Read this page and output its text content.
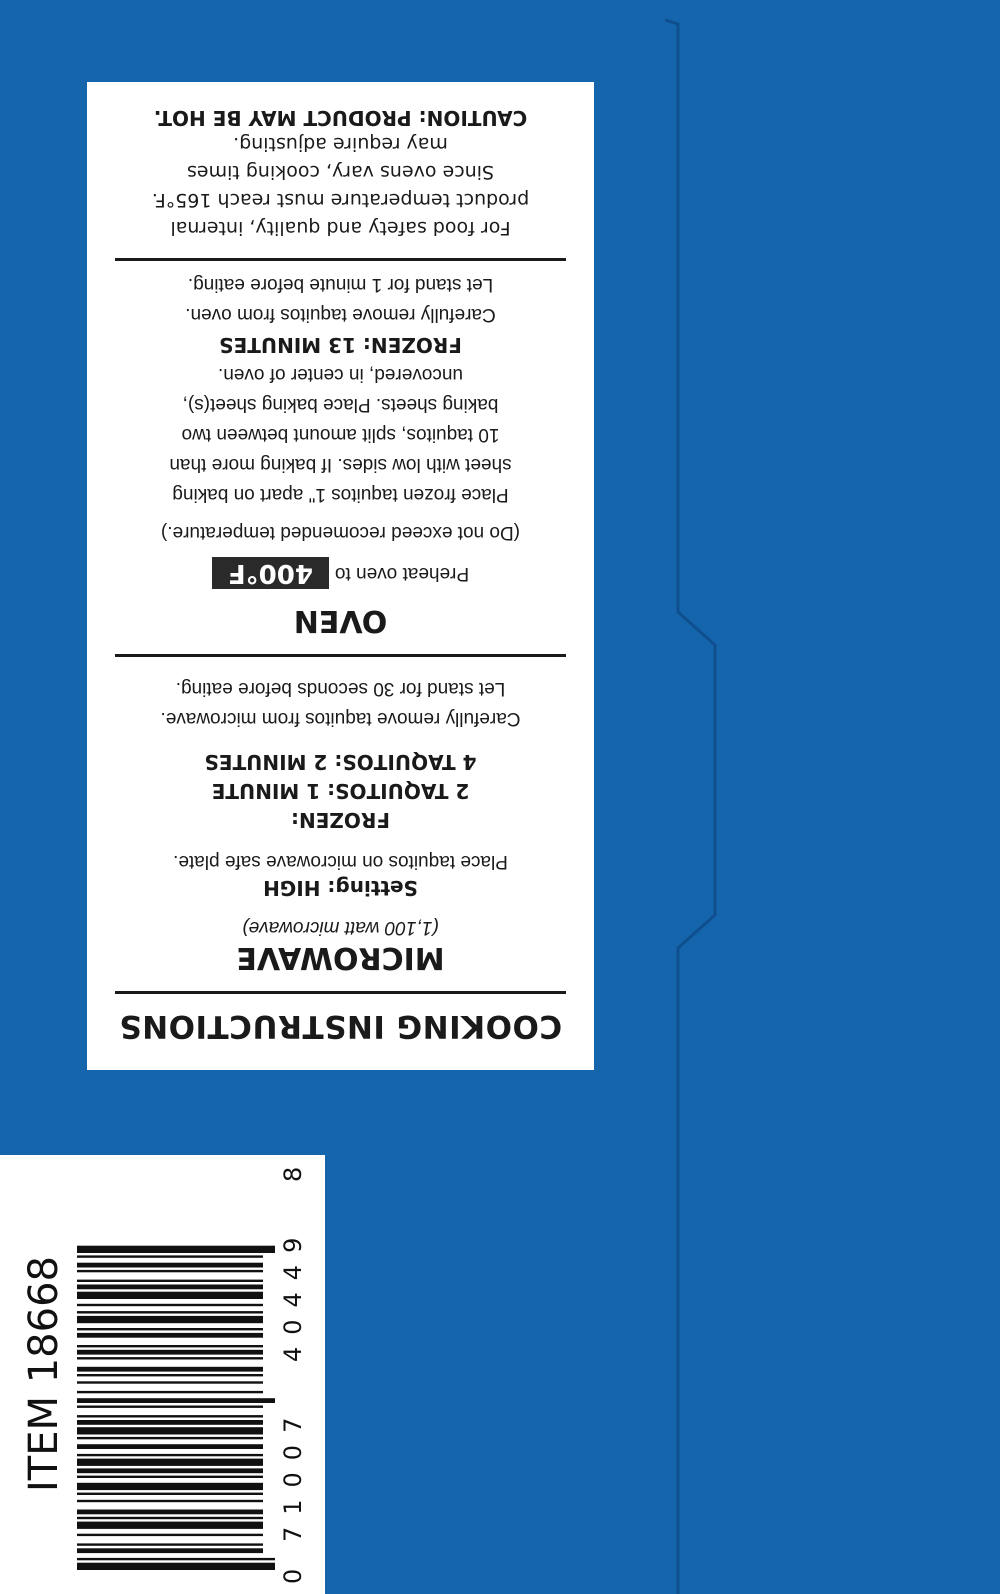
COOKING INSTRUCTIONS
MICROWAVE
(1,100 watt microwave)
Setting: HIGH
Place taquitos on microwave safe plate.
FROZEN:
2 TAQUITOS: 1 MINUTE
4 TAQUITOS: 2 MINUTES
Carefully remove taquitos from microwave.
Let stand for 30 seconds before eating.
OVEN
Preheat oven to
400°F
(Do not exceed recomended temperature.)
Place frozen taquitos 1" apart on baking
sheet with low sides. If baking more than
10 taquitos, split amount between two
baking sheets. Place baking sheet(s),
uncovered, in center of oven.
FROZEN: 13 MINUTES
Carefully remove taquitos from oven.
Let stand for 1 minute before eating.
For food safety and quality, internal
product temperature must reach 165°F.
Since ovens vary, cooking times
may require adjusting.
CAUTION: PRODUCT MAY BE HOT.
ITEM 18668
0
71007
40449
8
